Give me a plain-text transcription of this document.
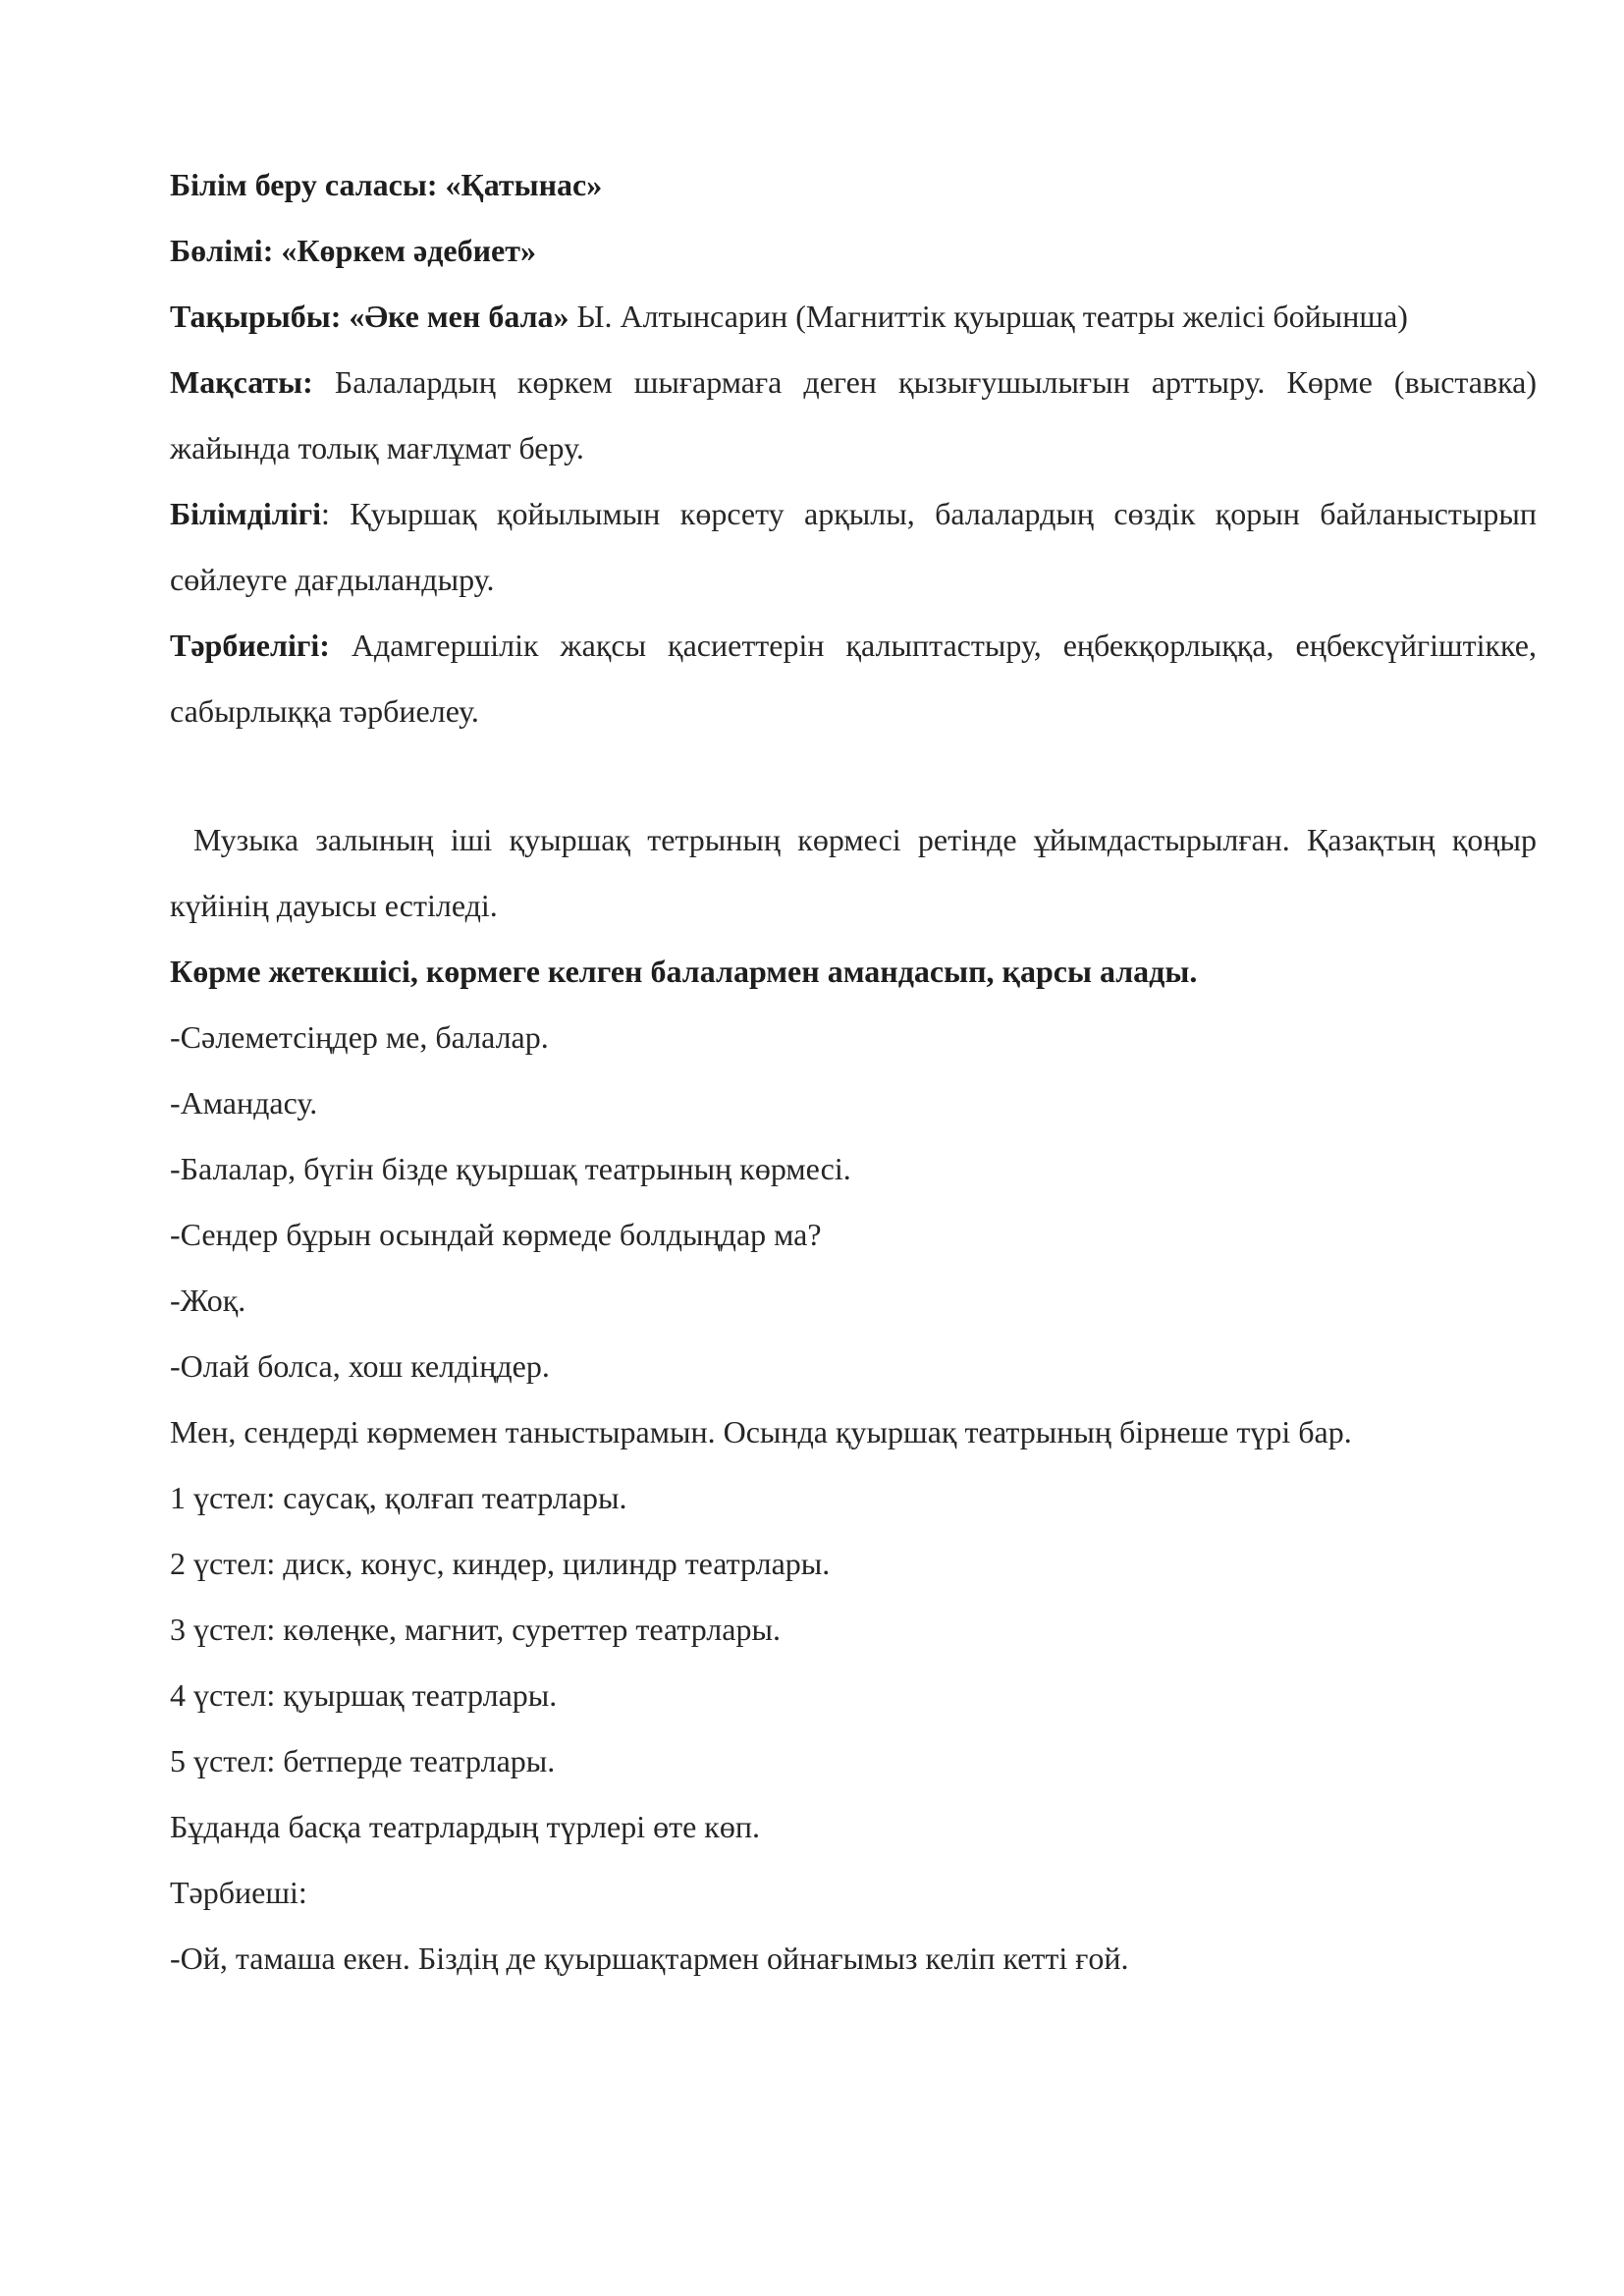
Білім беру саласы: «Қатынас»

Бөлімі: «Көркем әдебиет»

Тақырыбы: «Әке мен бала» Ы. Алтынсарин (Магниттік қуыршақ театры желісі бойынша)

Мақсаты: Балалардың көркем шығармаға деген қызығушылығын арттыру. Көрме (выставка) жайында толық мағлұмат беру.

Білімділігі: Қуыршақ қойылымын көрсету арқылы, балалардың сөздік қорын байланыстырып сөйлеуге дағдыландыру.

Тәрбиелігі: Адамгершілік жақсы қасиеттерін қалыптастыру, еңбекқорлыққа, еңбексүйгіштікке, сабырлыққа тәрбиелеу.

Музыка залының іші қуыршақ тетрының көрмесі ретінде ұйымдастырылған. Қазақтың қоңыр күйінің дауысы естіледі.

Көрме жетекшісі, көрмеге келген балалармен амандасып, қарсы алады.

-Сәлеметсіңдер ме, балалар.

-Амандасу.

-Балалар, бүгін бізде қуыршақ театрының көрмесі.

-Сендер бұрын осындай көрмеде болдыңдар ма?

-Жоқ.

-Олай болса, хош келдіңдер.

Мен, сендерді көрмемен таныстырамын. Осында қуыршақ театрының бірнеше түрі бар.

1 үстел: саусақ, қолғап театрлары.

2 үстел: диск, конус, киндер, цилиндр театрлары.

3 үстел: көлеңке, магнит, суреттер театрлары.

4 үстел: қуыршақ театрлары.

5 үстел: бетперде театрлары.

Бұданда басқа театрлардың түрлері өте көп.

Тәрбиеші:

-Ой, тамаша екен. Біздің де қуыршақтармен ойнағымыз келіп кетті ғой.
